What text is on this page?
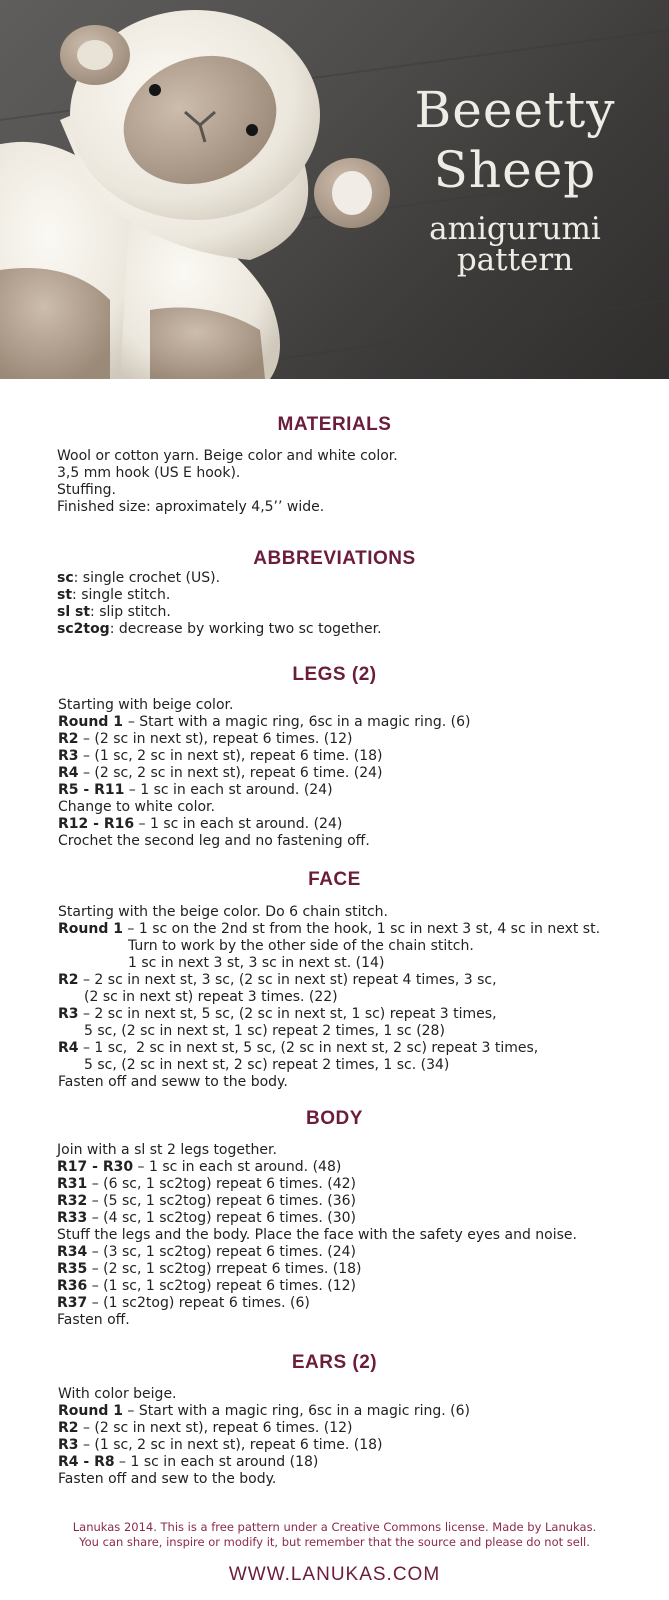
Beeetty
Sheep
amigurumi
pattern
MATERIALS
Wool or cotton yarn. Beige color and white color.
3,5 mm hook (US E hook).
Stuffing.
Finished size: aproximately 4,5’’ wide.
ABBREVIATIONS
sc: single crochet (US).
st: single stitch.
sl st: slip stitch.
sc2tog: decrease by working two sc together.
LEGS (2)
Starting with beige color.
Round 1 – Start with a magic ring, 6sc in a magic ring. (6)
R2 – (2 sc in next st), repeat 6 times. (12)
R3 – (1 sc, 2 sc in next st), repeat 6 time. (18)
R4 – (2 sc, 2 sc in next st), repeat 6 time. (24)
R5 - R11 – 1 sc in each st around. (24)
Change to white color.
R12 - R16 – 1 sc in each st around. (24)
Crochet the second leg and no fastening off.
FACE
Starting with the beige color. Do 6 chain stitch.
Round 1 – 1 sc on the 2nd st from the hook, 1 sc in next 3 st, 4 sc in next st.
Turn to work by the other side of the chain stitch.
1 sc in next 3 st, 3 sc in next st. (14)
R2 – 2 sc in next st, 3 sc, (2 sc in next st) repeat 4 times, 3 sc,
(2 sc in next st) repeat 3 times. (22)
R3 – 2 sc in next st, 5 sc, (2 sc in next st, 1 sc) repeat 3 times,
5 sc, (2 sc in next st, 1 sc) repeat 2 times, 1 sc (28)
R4 – 1 sc,  2 sc in next st, 5 sc, (2 sc in next st, 2 sc) repeat 3 times,
5 sc, (2 sc in next st, 2 sc) repeat 2 times, 1 sc. (34)
Fasten off and seww to the body.
BODY
Join with a sl st 2 legs together.
R17 - R30 – 1 sc in each st around. (48)
R31 – (6 sc, 1 sc2tog) repeat 6 times. (42)
R32 – (5 sc, 1 sc2tog) repeat 6 times. (36)
R33 – (4 sc, 1 sc2tog) repeat 6 times. (30)
Stuff the legs and the body. Place the face with the safety eyes and noise.
R34 – (3 sc, 1 sc2tog) repeat 6 times. (24)
R35 – (2 sc, 1 sc2tog) rrepeat 6 times. (18)
R36 – (1 sc, 1 sc2tog) repeat 6 times. (12)
R37 – (1 sc2tog) repeat 6 times. (6)
Fasten off.
EARS (2)
With color beige.
Round 1 – Start with a magic ring, 6sc in a magic ring. (6)
R2 – (2 sc in next st), repeat 6 times. (12)
R3 – (1 sc, 2 sc in next st), repeat 6 time. (18)
R4 - R8 – 1 sc in each st around (18)
Fasten off and sew to the body.
Lanukas 2014. This is a free pattern under a Creative Commons license. Made by Lanukas.
You can share, inspire or modify it, but remember that the source and please do not sell.
WWW.LANUKAS.COM
